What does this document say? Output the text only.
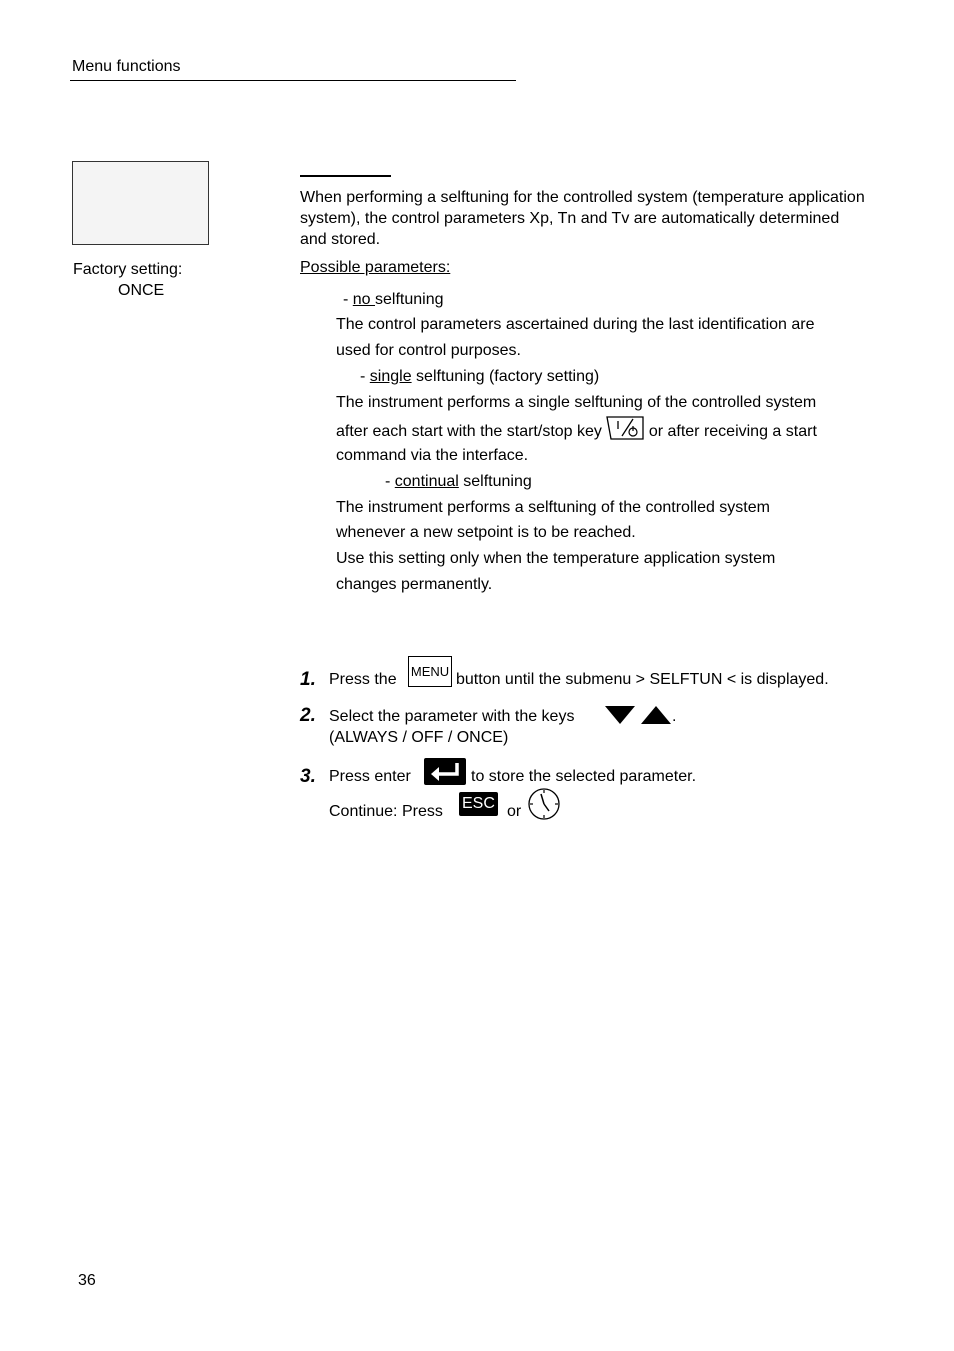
Menu functions
Factory setting:
ONCE
When performing a selftuning for the controlled system (temperature application system), the control parameters Xp, Tn and Tv are automatically determined and stored.
Possible parameters:
- no selftuning
The control parameters ascertained during the last identification are
used for control purposes.
- single selftuning (factory setting)
The instrument performs a single selftuning of the controlled system
after each start with the start/stop key	or after receiving a start
command via the interface.
- continual selftuning
The instrument performs a selftuning of the controlled system
whenever a new setpoint is to be reached.
Use this setting only when the temperature application system
changes permanently.
1. Press the MENU button until the submenu > SELFTUN < is displayed.
2. Select the parameter with the keys	.
(ALWAYS / OFF / ONCE)
3. Press enter	to store the selected parameter.
Continue: Press ESC or
36
